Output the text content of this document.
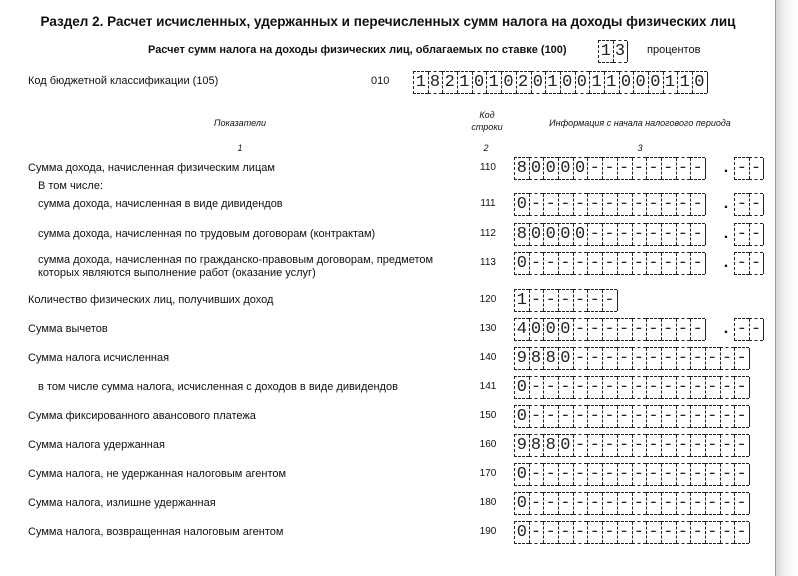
Раздел 2. Расчет исчисленных, удержанных и перечисленных сумм налога на доходы физических лиц
Расчет сумм налога на доходы физических лиц, облагаемых по ставке (100) 1 3 процентов
Код бюджетной классификации (105)	010 1 8 2 1 0 1 0 2 0 1 0 0 1 1 0 0 0 1 1 0
Показатели
Код
строки	Информация с начала налогового периода
1	2	3
Сумма дохода, начисленная физическим лицам	110 8 0 0 0 0 - - - - - - - - . - -
В том числе:
сумма дохода, начисленная в виде дивидендов	111 0 - - - - - - - - - - - - . - -
сумма дохода, начисленная по трудовым договорам (контрактам)	112 8 0 0 0 0 - - - - - - - - . - -
сумма дохода, начисленная по гражданско-правовым договорам, предметом
которых являются выполнение работ (оказание услуг)
113 0 - - - - - - - - - - - - . - -
Количество физических лиц, получивших доход	120 1 - - - - - -
Сумма вычетов	130 4 0 0 0 - - - - - - - - - . - -
Сумма налога исчисленная	140 9 8 8 0 - - - - - - - - - - - -
в том числе сумма налога, исчисленная с доходов в виде дивидендов	141 0 - - - - - - - - - - - - - - -
Сумма фиксированного авансового платежа	150 0 - - - - - - - - - - - - - - -
Сумма налога удержанная	160 9 8 8 0 - - - - - - - - - - - -
Сумма налога, не удержанная налоговым агентом	170 0 - - - - - - - - - - - - - - -
Сумма налога, излишне удержанная	180 0 - - - - - - - - - - - - - - -
Сумма налога, возвращенная налоговым агентом	190 0 - - - - - - - - - - - - - - -
